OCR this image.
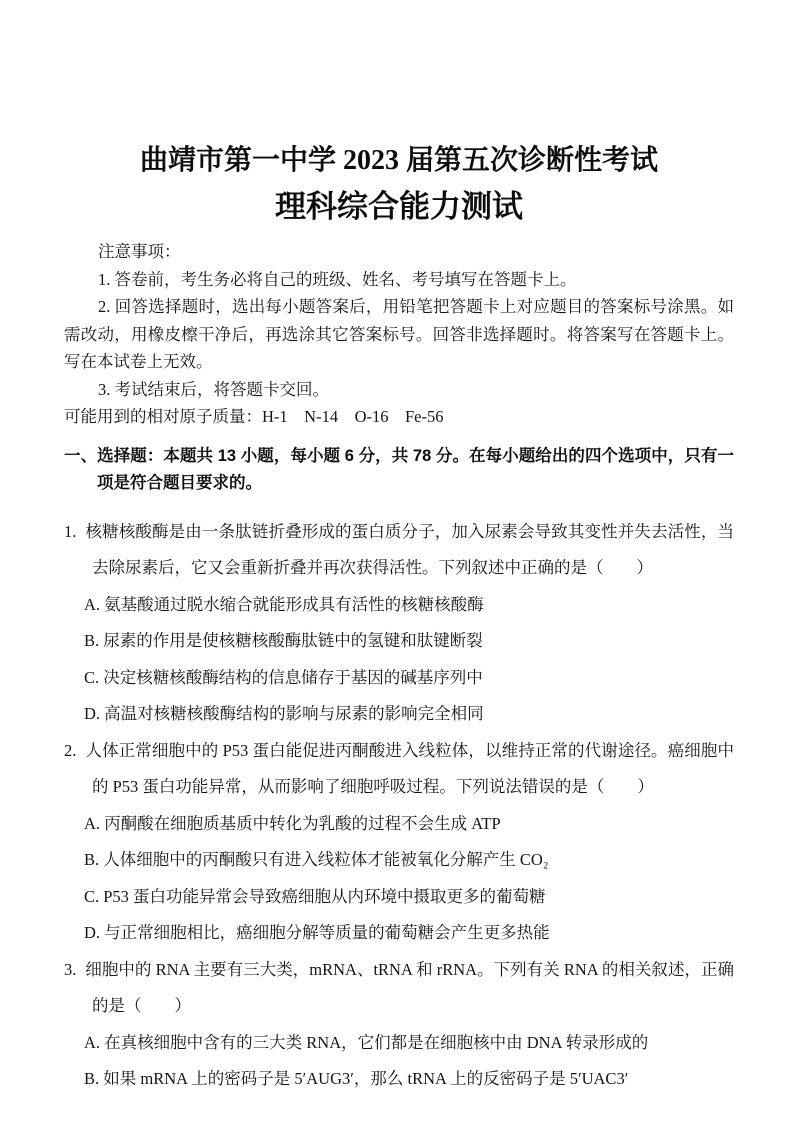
曲靖市第一中学 2023 届第五次诊断性考试
理科综合能力测试

注意事项：

1. 答卷前，考生务必将自己的班级、姓名、考号填写在答题卡上。

2. 回答选择题时，选出每小题答案后，用铅笔把答题卡上对应题目的答案标号涂黑。如需改动，用橡皮檫干净后，再选涂其它答案标号。回答非选择题时。将答案写在答题卡上。写在本试卷上无效。

3. 考试结束后，将答题卡交回。

可能用到的相对原子质量：H-1　N-14　O-16　Fe-56

一、选择题：本题共 13 小题，每小题 6 分，共 78 分。在每小题给出的四个选项中，只有一项是符合题目要求的。

1. 核糖核酸酶是由一条肽链折叠形成的蛋白质分子，加入尿素会导致其变性并失去活性，当去除尿素后，它又会重新折叠并再次获得活性。下列叙述中正确的是（　　）

A. 氨基酸通过脱水缩合就能形成具有活性的核糖核酸酶

B. 尿素的作用是使核糖核酸酶肽链中的氢键和肽键断裂

C. 决定核糖核酸酶结构的信息储存于基因的碱基序列中

D. 高温对核糖核酸酶结构的影响与尿素的影响完全相同

2. 人体正常细胞中的 P53 蛋白能促进丙酮酸进入线粒体，以维持正常的代谢途径。癌细胞中的 P53 蛋白功能异常，从而影响了细胞呼吸过程。下列说法错误的是（　　）

A. 丙酮酸在细胞质基质中转化为乳酸的过程不会生成 ATP

B. 人体细胞中的丙酮酸只有进入线粒体才能被氧化分解产生 CO₂

C. P53 蛋白功能异常会导致癌细胞从内环境中摄取更多的葡萄糖

D. 与正常细胞相比，癌细胞分解等质量的葡萄糖会产生更多热能

3. 细胞中的 RNA 主要有三大类，mRNA、tRNA 和 rRNA。下列有关 RNA 的相关叙述，正确的是（　　）

A. 在真核细胞中含有的三大类 RNA，它们都是在细胞核中由 DNA 转录形成的

B. 如果 mRNA 上的密码子是 5′AUG3′，那么 tRNA 上的反密码子是 5′UAC3′
